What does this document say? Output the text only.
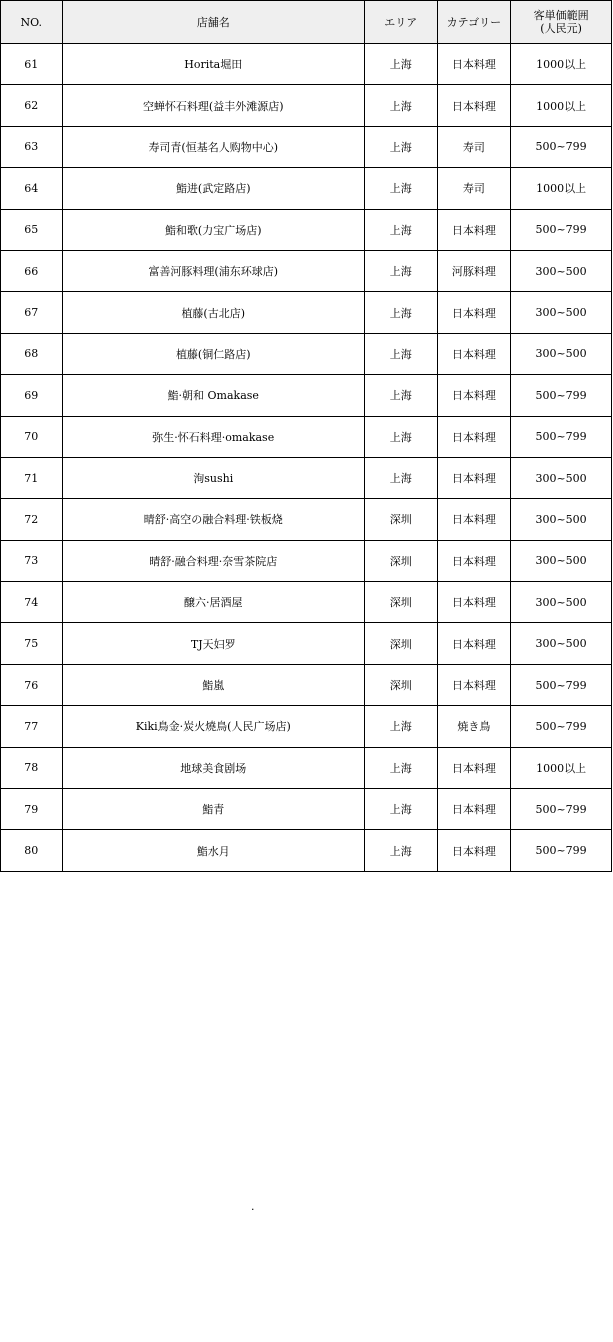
NO.	店舗名	エリア	カテゴリー	客単価範囲
(人民元)
61	Horita堀田	上海	日本料理	1000以上
62	空蝉怀石料理(益丰外滩源店)	上海	日本料理	1000以上
63	寿司青(恒基名人购物中心)	上海	寿司	500~799
64	鮨进(武定路店)	上海	寿司	1000以上
65	鮨和歌(力宝广场店)	上海	日本料理	500~799
66	富善河豚料理(浦东环球店)	上海	河豚料理	300~500
67	植藤(古北店)	上海	日本料理	300~500
68	植藤(铜仁路店)	上海	日本料理	300~500
69	鮨·朝和 Omakase	上海	日本料理	500~799
70	弥生·怀石料理·omakase	上海	日本料理	500~799
71	洵sushi	上海	日本料理	300~500
72	晴舒·高空の融合料理·铁板烧	深圳	日本料理	300~500
73	晴舒·融合料理·奈雪茶院店	深圳	日本料理	300~500
74	醸六·居酒屋	深圳	日本料理	300~500
75	TJ天妇罗	深圳	日本料理	300~500
76	鮨嵐	深圳	日本料理	500~799
77	Kiki鳥金·炭火燒鳥(人民广场店)	上海	焼き鳥	500~799
78	地球美食剧场	上海	日本料理	1000以上
79	鮨青	上海	日本料理	500~799
80	鮨水月	上海	日本料理	500~799
.
